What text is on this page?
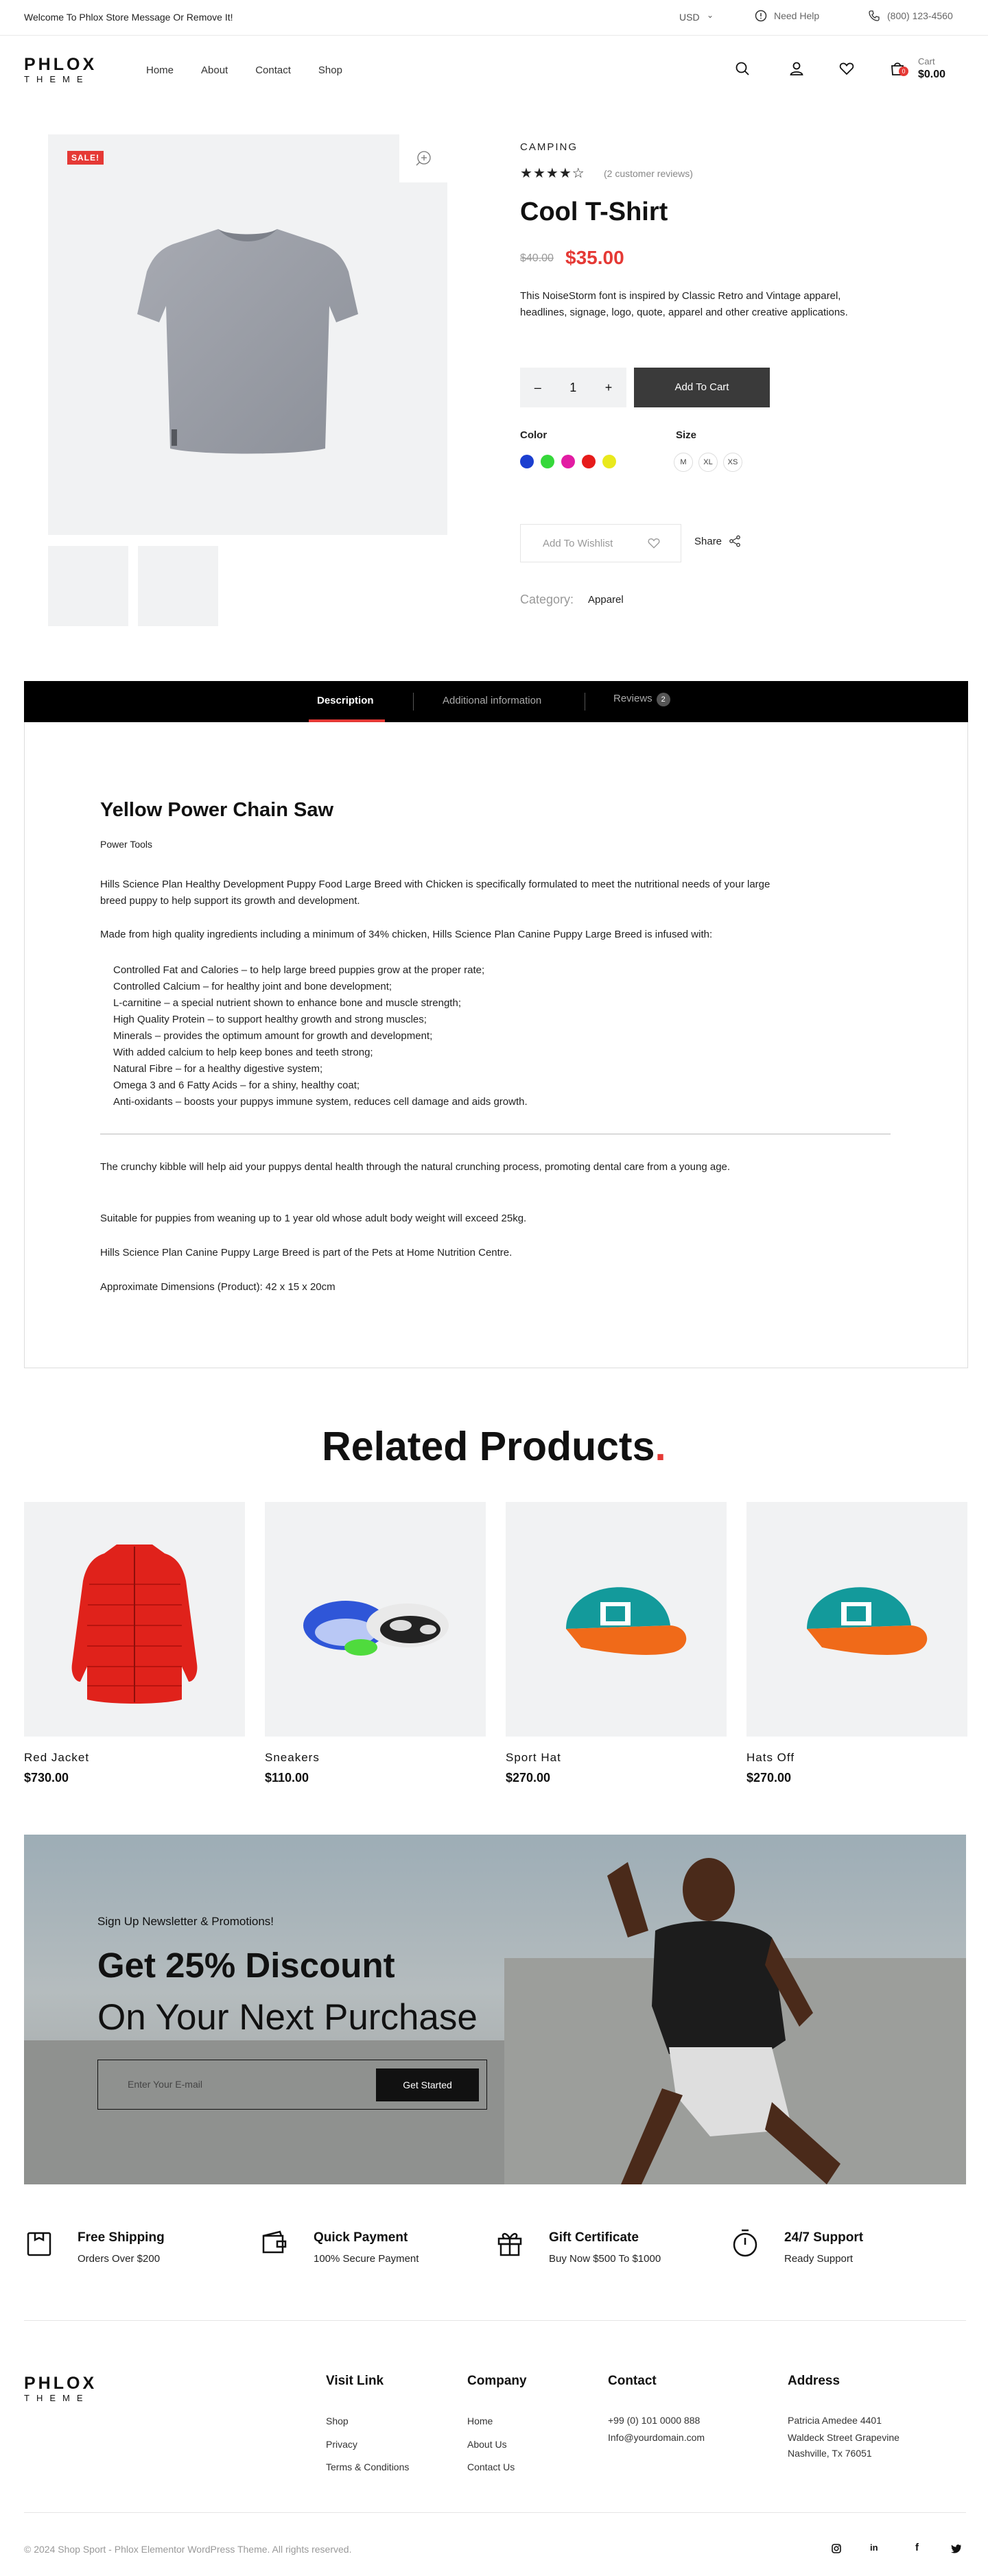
Welcome To Phlox Store Message Or Remove It!	USD ⌄	Need Help	(800) 123-4560
PHLOX
THEME
Home	About	Contact	Shop	0
Cart
$0.00
SALE!
CAMPING
★★★★☆ (2 customer reviews)
Cool T-Shirt
$40.00 $35.00

This NoiseStorm font is inspired by Classic Retro and Vintage apparel, headlines, signage, logo, quote, apparel and other creative applications.

– 1 +	Add To Cart
Color	Size
M	XL	XS
Add To Wishlist	Share
Category: Apparel
Description	Additional information	Reviews 2
Yellow Power Chain Saw
Power Tools

Hills Science Plan Healthy Development Puppy Food Large Breed with Chicken is specifically formulated to meet the nutritional needs of your large breed puppy to help support its growth and development.

Made from high quality ingredients including a minimum of 34% chicken, Hills Science Plan Canine Puppy Large Breed is infused with:

Controlled Fat and Calories – to help large breed puppies grow at the proper rate;
Controlled Calcium – for healthy joint and bone development;
L-carnitine – a special nutrient shown to enhance bone and muscle strength;
High Quality Protein – to support healthy growth and strong muscles;
Minerals – provides the optimum amount for growth and development;
With added calcium to help keep bones and teeth strong;
Natural Fibre – for a healthy digestive system;
Omega 3 and 6 Fatty Acids – for a shiny, healthy coat;
Anti-oxidants – boosts your puppys immune system, reduces cell damage and aids growth.

The crunchy kibble will help aid your puppys dental health through the natural crunching process, promoting dental care from a young age.

Suitable for puppies from weaning up to 1 year old whose adult body weight will exceed 25kg.

Hills Science Plan Canine Puppy Large Breed is part of the Pets at Home Nutrition Centre.

Approximate Dimensions (Product): 42 x 15 x 20cm

Related Products.
Red Jacket	Sneakers	Sport Hat	Hats Off
$730.00	$110.00	$270.00	$270.00
Sign Up Newsletter & Promotions!
Get 25% Discount
On Your Next Purchase
Enter Your E-mail	Get Started
Free Shipping	Quick Payment	Gift Certificate	24/7 Support
Orders Over $200	100% Secure Payment	Buy Now $500 To $1000	Ready Support
PHLOX
THEME
Visit Link
Shop
Privacy
Terms & Conditions
Company
Home
About Us
Contact Us
Contact
+99 (0) 101 0000 888
Info@yourdomain.com
Address
Patricia Amedee 4401
Waldeck Street Grapevine
Nashville, Tx 76051
© 2024 Shop Sport - Phlox Elementor WordPress Theme. All rights reserved.	in	f
